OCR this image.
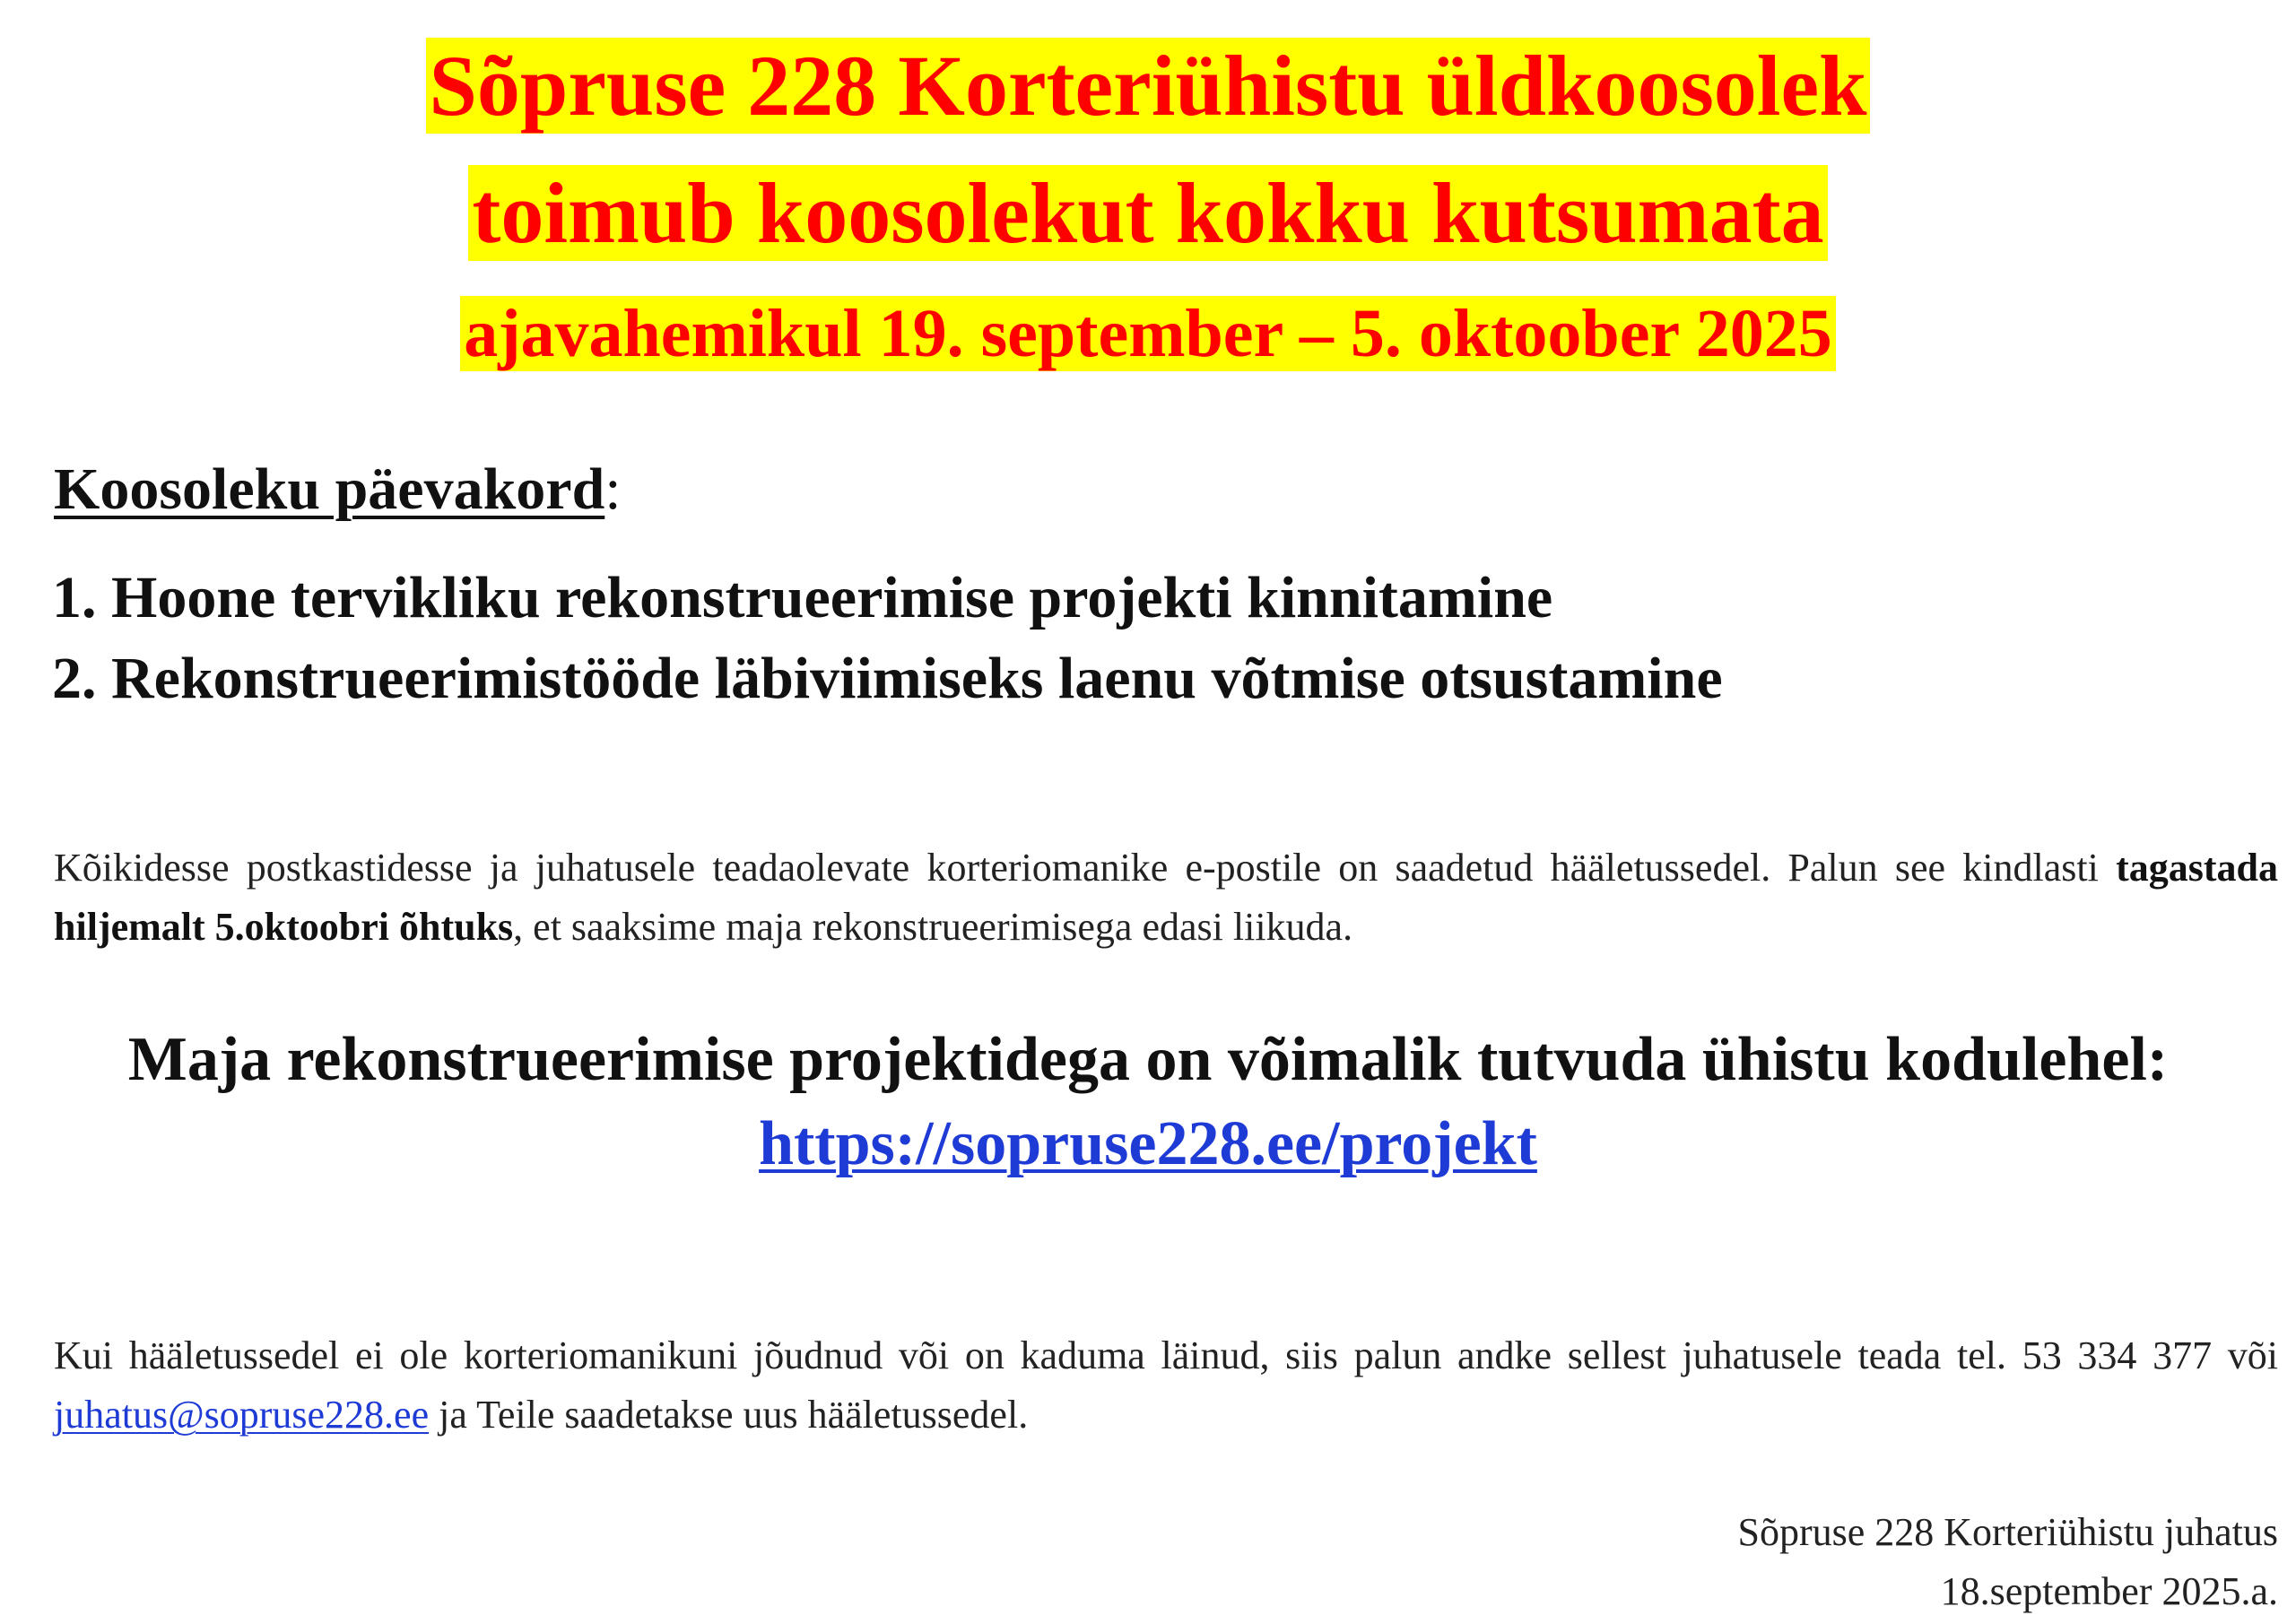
Sõpruse 228 Korteriühistu üldkoosolek
toimub koosolekut kokku kutsumata
ajavahemikul 19. september – 5. oktoober 2025
Koosoleku päevakord:
1. Hoone tervikliku rekonstrueerimise projekti kinnitamine
2. Rekonstrueerimistööde läbiviimiseks laenu võtmise otsustamine

Kõikidesse postkastidesse ja juhatusele teadaolevate korteriomanike e-postile on saadetud hääletussedel. Palun see kindlasti tagastada hiljemalt 5.oktoobri õhtuks, et saaksime maja rekonstrueerimisega edasi liikuda.

Maja rekonstrueerimise projektidega on võimalik tutvuda ühistu kodulehel: https://sopruse228.ee/projekt

Kui hääletussedel ei ole korteriomanikuni jõudnud või on kaduma läinud, siis palun andke sellest juhatusele teada tel. 53 334 377 või juhatus@sopruse228.ee ja Teile saadetakse uus hääletussedel.

Sõpruse 228 Korteriühistu juhatus
18.september 2025.a.
